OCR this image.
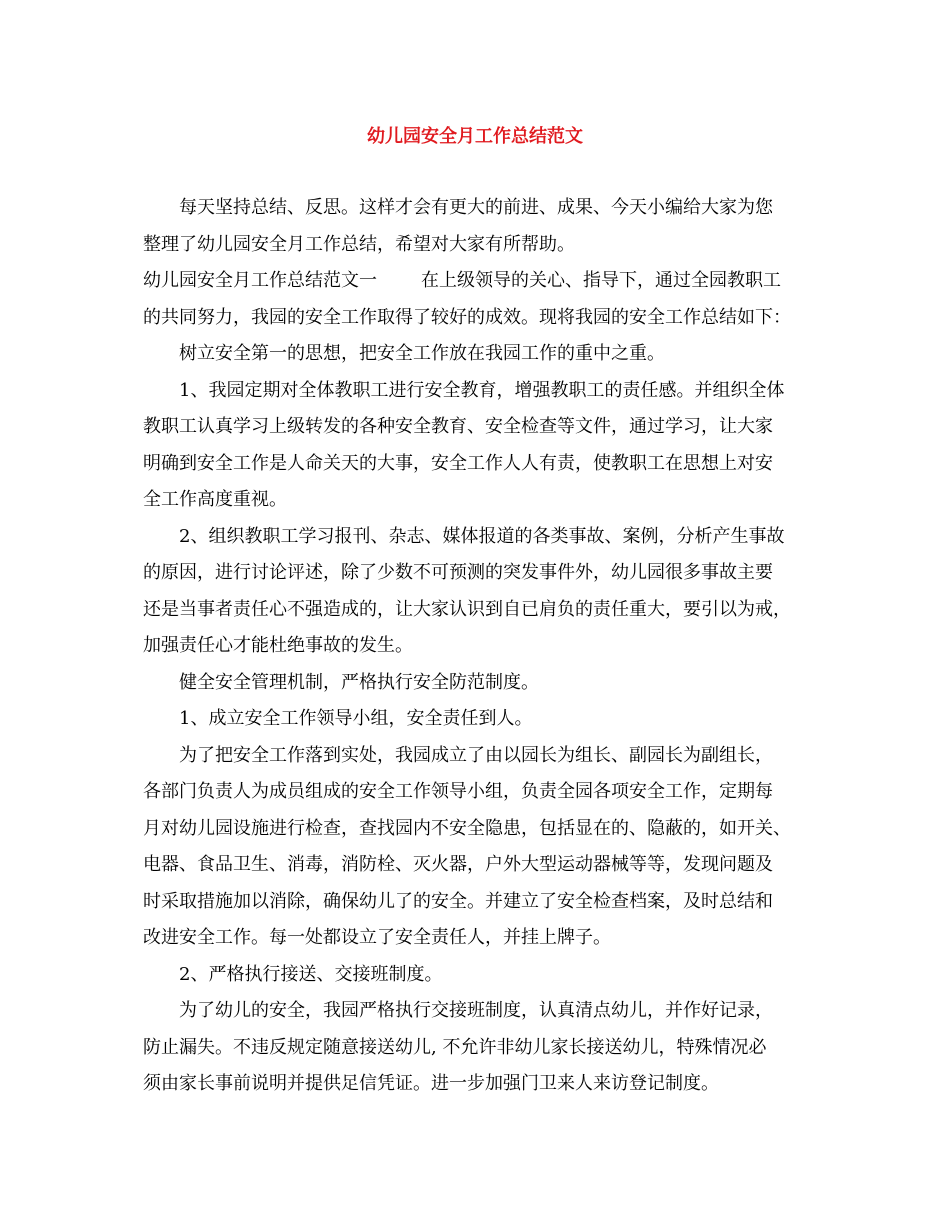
幼儿园安全月工作总结范文
每天坚持总结、反思。这样才会有更大的前进、成果、今天小编给大家为您
整理了幼儿园安全月工作总结，希望对大家有所帮助。
幼儿园安全月工作总结范文一 在上级领导的关心、指导下，通过全园教职工
的共同努力，我园的安全工作取得了较好的成效。现将我园的安全工作总结如下：
树立安全第一的思想，把安全工作放在我园工作的重中之重。
1、我园定期对全体教职工进行安全教育，增强教职工的责任感。并组织全体
教职工认真学习上级转发的各种安全教育、安全检查等文件，通过学习，让大家
明确到安全工作是人命关天的大事，安全工作人人有责，使教职工在思想上对安
全工作高度重视。
2、组织教职工学习报刊、杂志、媒体报道的各类事故、案例，分析产生事故
的原因，进行讨论评述，除了少数不可预测的突发事件外，幼儿园很多事故主要
还是当事者责任心不强造成的，让大家认识到自已肩负的责任重大，要引以为戒，
加强责任心才能杜绝事故的发生。
健全安全管理机制，严格执行安全防范制度。
1、成立安全工作领导小组，安全责任到人。
为了把安全工作落到实处，我园成立了由以园长为组长、副园长为副组长，
各部门负责人为成员组成的安全工作领导小组，负责全园各项安全工作，定期每
月对幼儿园设施进行检查，查找园内不安全隐患，包括显在的、隐蔽的，如开关、
电器、食品卫生、消毒，消防栓、灭火器，户外大型运动器械等等，发现问题及
时采取措施加以消除，确保幼儿了的安全。并建立了安全检查档案，及时总结和
改进安全工作。每一处都设立了安全责任人，并挂上牌子。
2、严格执行接送、交接班制度。
为了幼儿的安全，我园严格执行交接班制度，认真清点幼儿，并作好记录，
防止漏失。不违反规定随意接送幼儿, 不允许非幼儿家长接送幼儿，特殊情况必
须由家长事前说明并提供足信凭证。进一步加强门卫来人来访登记制度。
